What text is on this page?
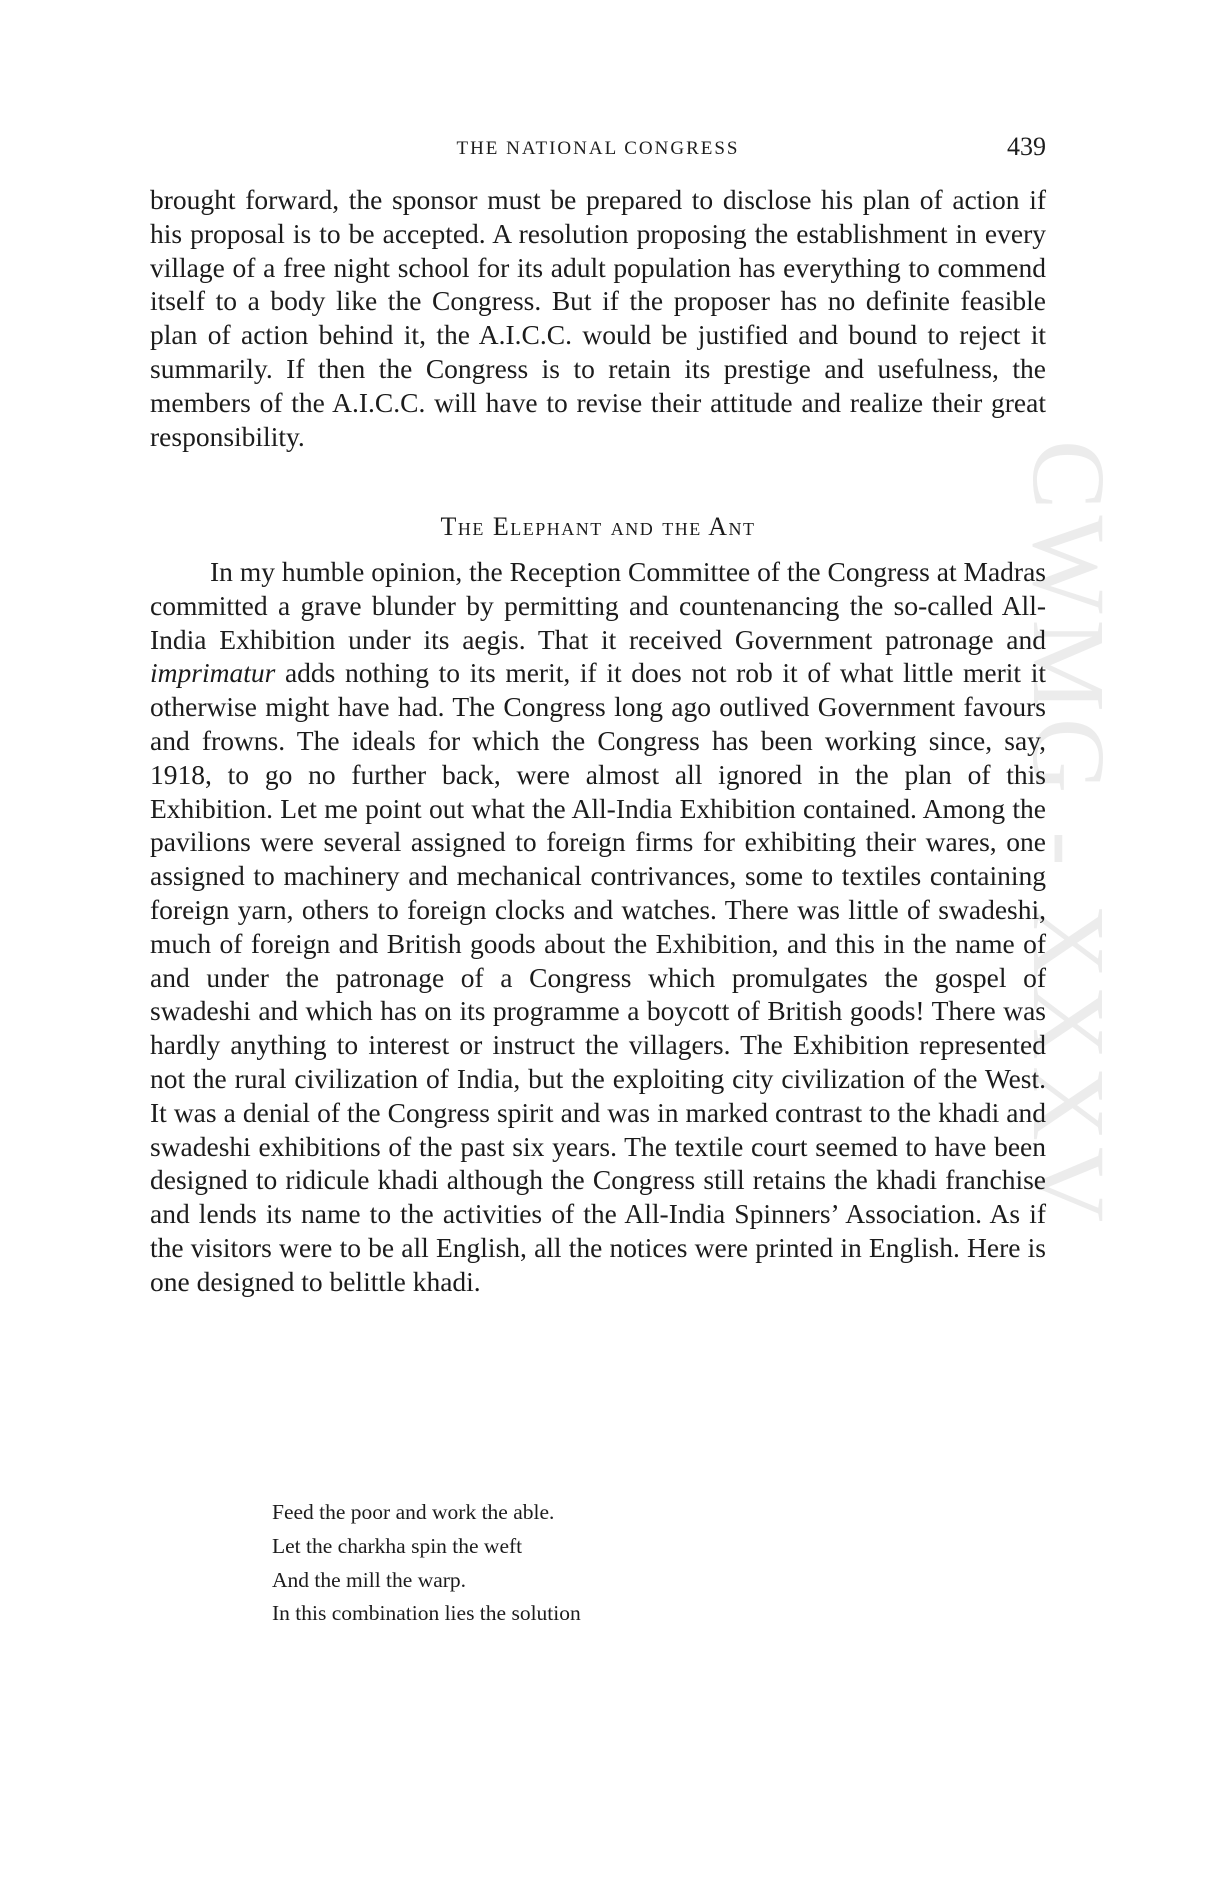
CWMG - XXXV
THE NATIONAL CONGRESS	439

brought forward, the sponsor must be prepared to disclose his plan of action if his proposal is to be accepted. A resolution proposing the establishment in every village of a free night school for its adult population has everything to commend itself to a body like the Congress. But if the proposer has no definite feasible plan of action behind it, the A.I.C.C. would be justified and bound to reject it summarily. If then the Congress is to retain its prestige and usefulness, the members of the A.I.C.C. will have to revise their attitude and realize their great responsibility.

The Elephant and the Ant

In my humble opinion, the Reception Committee of the Congress at Madras committed a grave blunder by permitting and countenancing the so-called All-India Exhibition under its aegis. That it received Government patronage and imprimatur adds nothing to its merit, if it does not rob it of what little merit it otherwise might have had. The Congress long ago outlived Government favours and frowns. The ideals for which the Congress has been working since, say, 1918, to go no further back, were almost all ignored in the plan of this Exhibition. Let me point out what the All-India Exhibition contained. Among the pavilions were several assigned to foreign firms for exhibiting their wares, one assigned to machinery and mechanical contrivances, some to textiles containing foreign yarn, others to foreign clocks and watches. There was little of swadeshi, much of foreign and British goods about the Exhibition, and this in the name of and under the patronage of a Congress which promulgates the gospel of swadeshi and which has on its programme a boycott of British goods! There was hardly anything to interest or instruct the villagers. The Exhibition represented not the rural civilization of India, but the exploiting city civilization of the West. It was a denial of the Congress spirit and was in marked contrast to the khadi and swadeshi exhibitions of the past six years. The textile court seemed to have been designed to ridicule khadi although the Congress still retains the khadi franchise and lends its name to the activities of the All-India Spinners’ Association. As if the visitors were to be all English, all the notices were printed in English. Here is one designed to belittle khadi.

Feed the poor and work the able.
Let the charkha spin the weft
And the mill the warp.
In this combination lies the solution
